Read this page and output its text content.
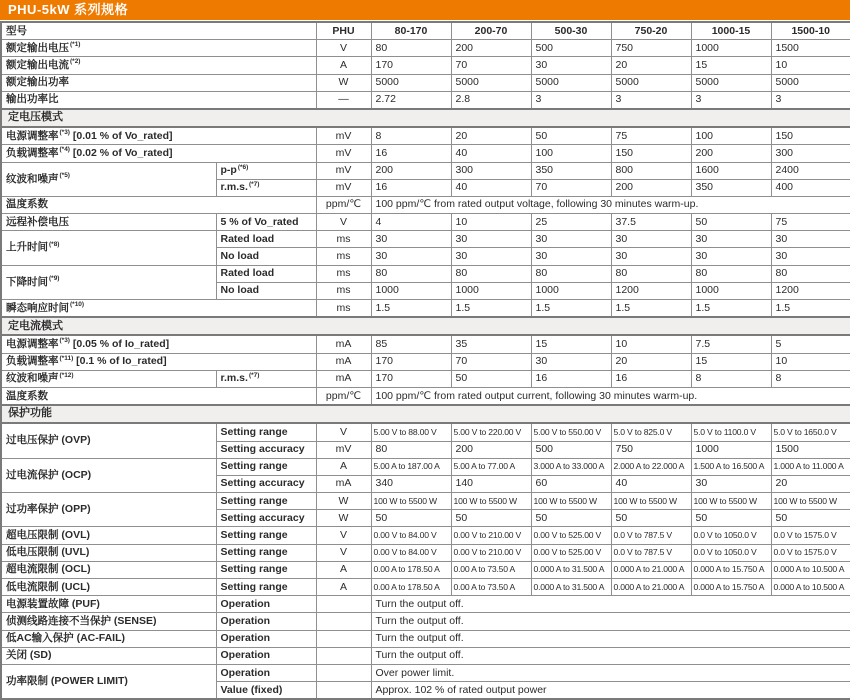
PHU-5kW 系列规格
型号		PHU	80-170	200-70	500-30	750-20	1000-15	1500-10
额定输出电压$^{(*1)}$		V	80	200	500	750	1000	1500
额定输出电流$^{(*2)}$		A	170	70	30	20	15	10
额定输出功率		W	5000	5000	5000	5000	5000	5000
输出功率比		—	2.72	2.8	3	3	3	3
定电压模式								
电源调整率$^{(*3)}$ [0.01 % of Vo_rated]		mV	8	20	50	75	100	150
负载调整率$^{(*4)}$ [0.02 % of Vo_rated]		mV	16	40	100	150	200	300
纹波和噪声$^{(*5)}$	p-p$^{(*6)}$	mV	200	300	350	800	1600	2400
	r.m.s.$^{(*7)}$	mV	16	40	70	200	350	400
温度系数		ppm/℃	100 ppm/℃ from rated output voltage, following 30 minutes warm-up.					
远程补偿电压	5 % of Vo_rated	V	4	10	25	37.5	50	75
上升时间$^{(*8)}$	Rated load	ms	30	30	30	30	30	30
	No load	ms	30	30	30	30	30	30
下降时间$^{(*9)}$	Rated load	ms	80	80	80	80	80	80
	No load	ms	1000	1000	1000	1200	1000	1200
瞬态响应时间$^{(*10)}$		ms	1.5	1.5	1.5	1.5	1.5	1.5
定电流模式								
电源调整率$^{(*3)}$ [0.05 % of Io_rated]		mA	85	35	15	10	7.5	5
负载调整率$^{(*11)}$ [0.1 % of Io_rated]		mA	170	70	30	20	15	10
纹波和噪声$^{(*12)}$	r.m.s.$^{(*7)}$	mA	170	50	16	16	8	8
温度系数		ppm/℃	100 ppm/℃ from rated output current, following 30 minutes warm-up.					
保护功能								
过电压保护 (OVP)	Setting range	V	5.00 V to 88.00 V	5.00 V to 220.00 V	5.00 V to 550.00 V	5.0 V to 825.0 V	5.0 V to 1100.0 V	5.0 V to 1650.0 V
	Setting accuracy	mV	80	200	500	750	1000	1500
过电流保护 (OCP)	Setting range	A	5.00 A to 187.00 A	5.00 A to 77.00 A	3.000 A to 33.000 A	2.000 A to 22.000 A	1.500 A to 16.500 A	1.000 A to 11.000 A
	Setting accuracy	mA	340	140	60	40	30	20
过功率保护 (OPP)	Setting range	W	100 W to 5500 W	100 W to 5500 W	100 W to 5500 W	100 W to 5500 W	100 W to 5500 W	100 W to 5500 W
	Setting accuracy	W	50	50	50	50	50	50
超电压限制 (OVL)	Setting range	V	0.00 V to 84.00 V	0.00 V to 210.00 V	0.00 V to 525.00 V	0.0 V to 787.5 V	0.0 V to 1050.0 V	0.0 V to 1575.0 V
低电压限制 (UVL)	Setting range	V	0.00 V to 84.00 V	0.00 V to 210.00 V	0.00 V to 525.00 V	0.0 V to 787.5 V	0.0 V to 1050.0 V	0.0 V to 1575.0 V
超电流限制 (OCL)	Setting range	A	0.00 A to 178.50 A	0.00 A to 73.50 A	0.000 A to 31.500 A	0.000 A to 21.000 A	0.000 A to 15.750 A	0.000 A to 10.500 A
低电流限制 (UCL)	Setting range	A	0.00 A to 178.50 A	0.00 A to 73.50 A	0.000 A to 31.500 A	0.000 A to 21.000 A	0.000 A to 15.750 A	0.000 A to 10.500 A
电源装置故障 (PUF)	Operation		Turn the output off.					
侦测线路连接不当保护 (SENSE)	Operation		Turn the output off.					
低AC输入保护 (AC-FAIL)	Operation		Turn the output off.					
关闭 (SD)	Operation		Turn the output off.					
功率限制 (POWER LIMIT)	Operation		Over power limit.					
	Value (fixed)		Approx. 102 % of rated output power					
